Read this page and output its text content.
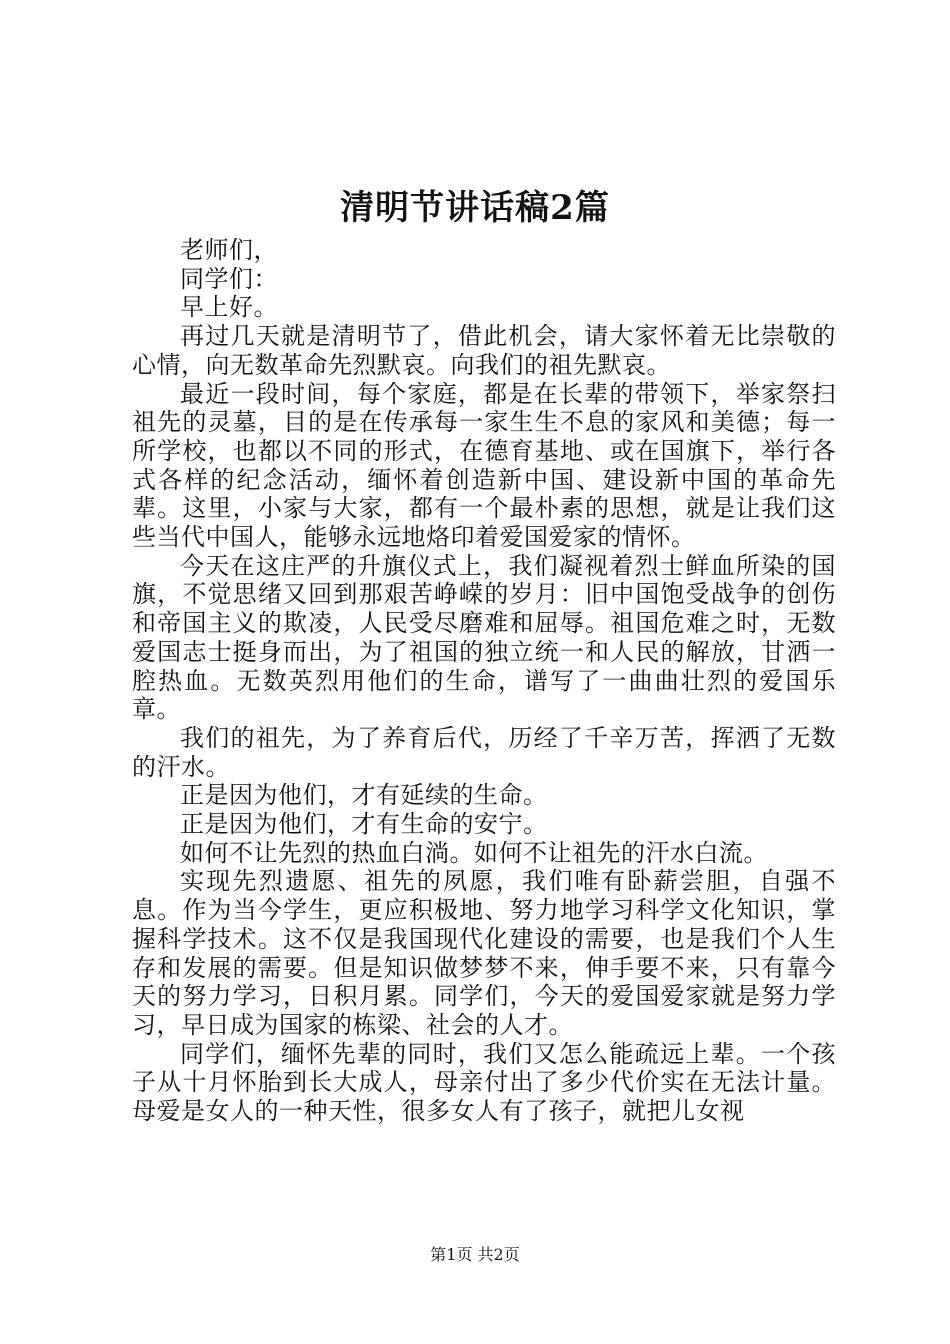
清明节讲话稿2篇

老师们，

同学们：

早上好。

再过几天就是清明节了，借此机会，请大家怀着无比崇敬的心情，向无数革命先烈默哀。向我们的祖先默哀。

最近一段时间，每个家庭，都是在长辈的带领下，举家祭扫祖先的灵墓，目的是在传承每一家生生不息的家风和美德；每一所学校，也都以不同的形式，在德育基地、或在国旗下，举行各式各样的纪念活动，缅怀着创造新中国、建设新中国的革命先辈。这里，小家与大家，都有一个最朴素的思想，就是让我们这些当代中国人，能够永远地烙印着爱国爱家的情怀。

今天在这庄严的升旗仪式上，我们凝视着烈士鲜血所染的国旗，不觉思绪又回到那艰苦峥嵘的岁月：旧中国饱受战争的创伤和帝国主义的欺凌，人民受尽磨难和屈辱。祖国危难之时，无数爱国志士挺身而出，为了祖国的独立统一和人民的解放，甘洒一腔热血。无数英烈用他们的生命，谱写了一曲曲壮烈的爱国乐章。

我们的祖先，为了养育后代，历经了千辛万苦，挥洒了无数的汗水。

正是因为他们，才有延续的生命。

正是因为他们，才有生命的安宁。

如何不让先烈的热血白淌。如何不让祖先的汗水白流。

实现先烈遗愿、祖先的夙愿，我们唯有卧薪尝胆，自强不息。作为当今学生，更应积极地、努力地学习科学文化知识，掌握科学技术。这不仅是我国现代化建设的需要，也是我们个人生存和发展的需要。但是知识做梦梦不来，伸手要不来，只有靠今天的努力学习，日积月累。同学们，今天的爱国爱家就是努力学习，早日成为国家的栋梁、社会的人才。

同学们，缅怀先辈的同时，我们又怎么能疏远上辈。一个孩子从十月怀胎到长大成人，母亲付出了多少代价实在无法计量。母爱是女人的一种天性，很多女人有了孩子，就把儿女视

第1页 共2页
